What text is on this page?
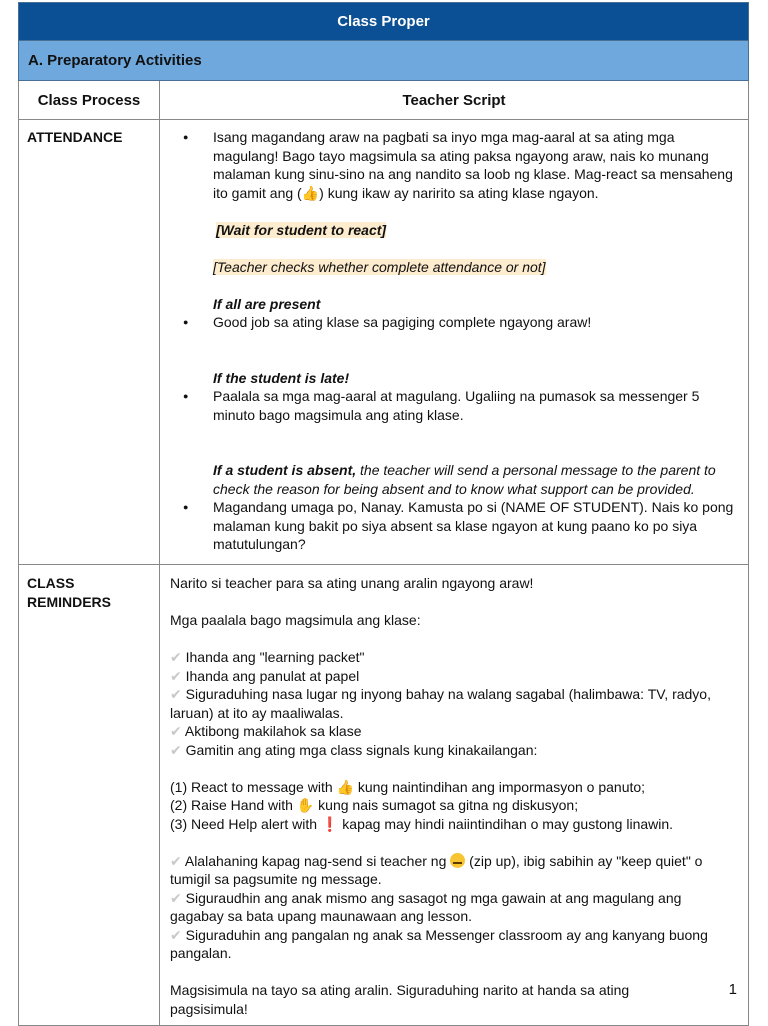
Class Proper
A. Preparatory Activities
Class Process	Teacher Script
ATTENDANCE
●	Isang magandang araw na pagbati sa inyo mga mag-aaral at sa ating mga magulang! Bago tayo magsimula sa ating paksa ngayong araw, nais ko munang malaman kung sinu-sino na ang nandito sa loob ng klase. Mag-react sa mensaheng ito gamit ang (👍) kung ikaw ay naririto sa ating klase ngayon.
[Wait for student to react]
[Teacher checks whether complete attendance or not]
If all are present
● Good job sa ating klase sa pagiging complete ngayong araw!
If the student is late!
● Paalala sa mga mag-aaral at magulang. Ugaliing na pumasok sa messenger 5 minuto bago magsimula ang ating klase.
If a student is absent, the teacher will send a personal message to the parent to check the reason for being absent and to know what support can be provided.
● Magandang umaga po, Nanay. Kamusta po si (NAME OF STUDENT). Nais ko pong malaman kung bakit po siya absent sa klase ngayon at kung paano ko po siya matutulungan?
CLASS
REMINDERS
Narito si teacher para sa ating unang aralin ngayong araw!
Mga paalala bago magsimula ang klase:
✔ Ihanda ang "learning packet"
✔ Ihanda ang panulat at papel
✔ Siguraduhing nasa lugar ng inyong bahay na walang sagabal (halimbawa: TV, radyo, laruan) at ito ay maaliwalas.
✔ Aktibong makilahok sa klase
✔ Gamitin ang ating mga class signals kung kinakailangan:
(1) React to message with 👍 kung naintindihan ang impormasyon o panuto;
(2) Raise Hand with ✋ kung nais sumagot sa gitna ng diskusyon;
(3) Need Help alert with ❗ kapag may hindi naiintindihan o may gustong linawin.
✔ Alalahaning kapag nag-send si teacher ng  (zip up), ibig sabihin ay "keep quiet" o tumigil sa pagsumite ng message.
✔ Siguraudhin ang anak mismo ang sasagot ng mga gawain at ang magulang ang gagabay sa bata upang maunawaan ang lesson.
✔ Siguraduhin ang pangalan ng anak sa Messenger classroom ay ang kanyang buong pangalan.
Magsisimula na tayo sa ating aralin. Siguraduhing narito at handa sa ating pagsisimula!
1
